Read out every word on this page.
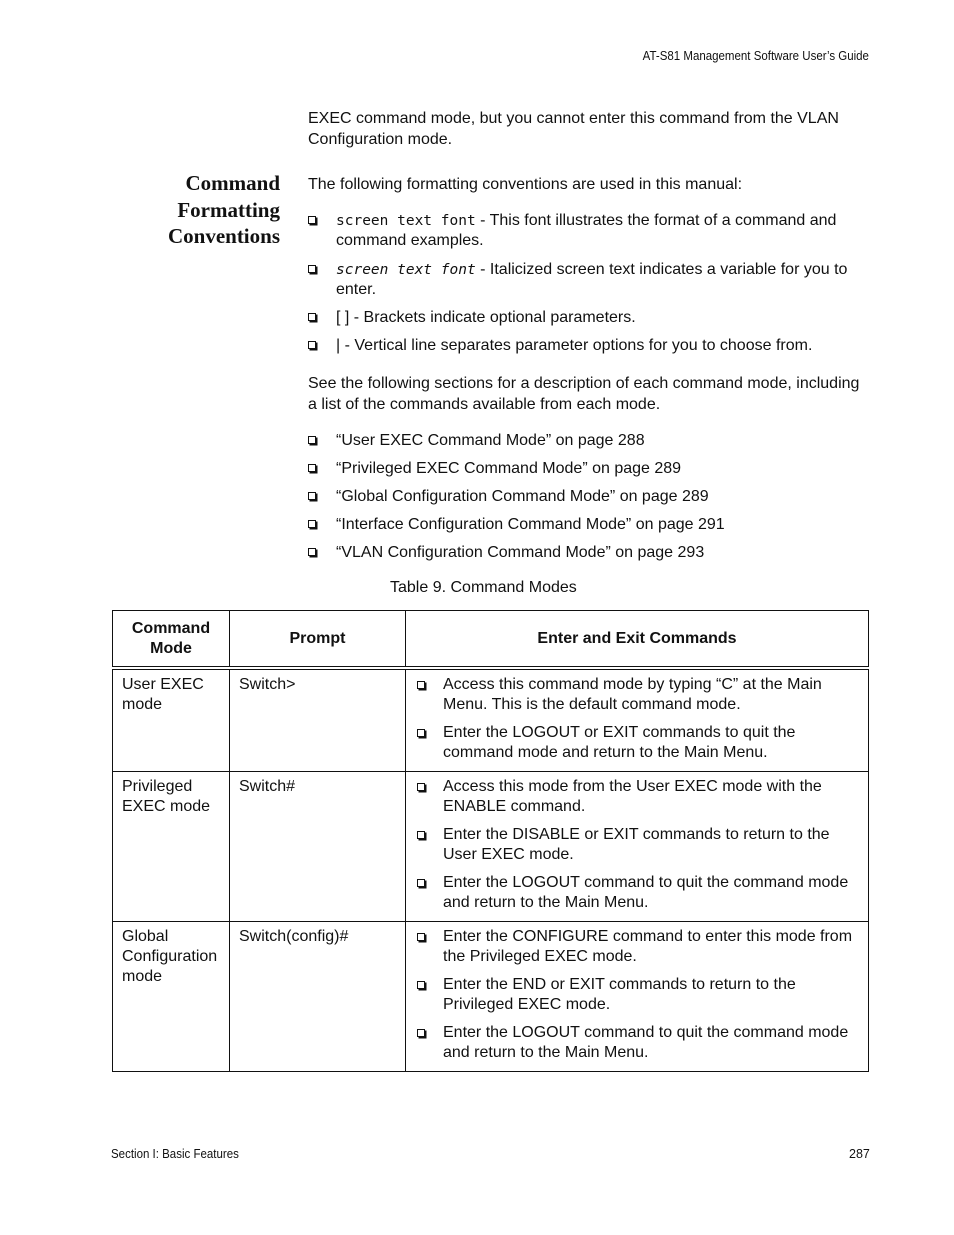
AT-S81 Management Software User’s Guide
EXEC command mode, but you cannot enter this command from the VLAN Configuration mode.
Command
Formatting
Conventions
The following formatting conventions are used in this manual:
screen text font - This font illustrates the format of a command and command examples.
screen text font - Italicized screen text indicates a variable for you to enter.
[ ] - Brackets indicate optional parameters.
| - Vertical line separates parameter options for you to choose from.
See the following sections for a description of each command mode, including a list of the commands available from each mode.
“User EXEC Command Mode” on page 288
“Privileged EXEC Command Mode” on page 289
“Global Configuration Command Mode” on page 289
“Interface Configuration Command Mode” on page 291
“VLAN Configuration Command Mode” on page 293
Table 9. Command Modes
Command
Mode	Prompt	Enter and Exit Commands
User EXEC mode	Switch>	Access this command mode by typing “C” at the Main Menu. This is the default command mode.
Enter the LOGOUT or EXIT commands to quit the command mode and return to the Main Menu.

Privileged EXEC mode	Switch#	Access this mode from the User EXEC mode with the ENABLE command.
Enter the DISABLE or EXIT commands to return to the User EXEC mode.
Enter the LOGOUT command to quit the command mode and return to the Main Menu.

Global Configuration mode	Switch(config)#	Enter the CONFIGURE command to enter this mode from the Privileged EXEC mode.
Enter the END or EXIT commands to return to the Privileged EXEC mode.
Enter the LOGOUT command to quit the command mode and return to the Main Menu.
Section I: Basic Features	287
